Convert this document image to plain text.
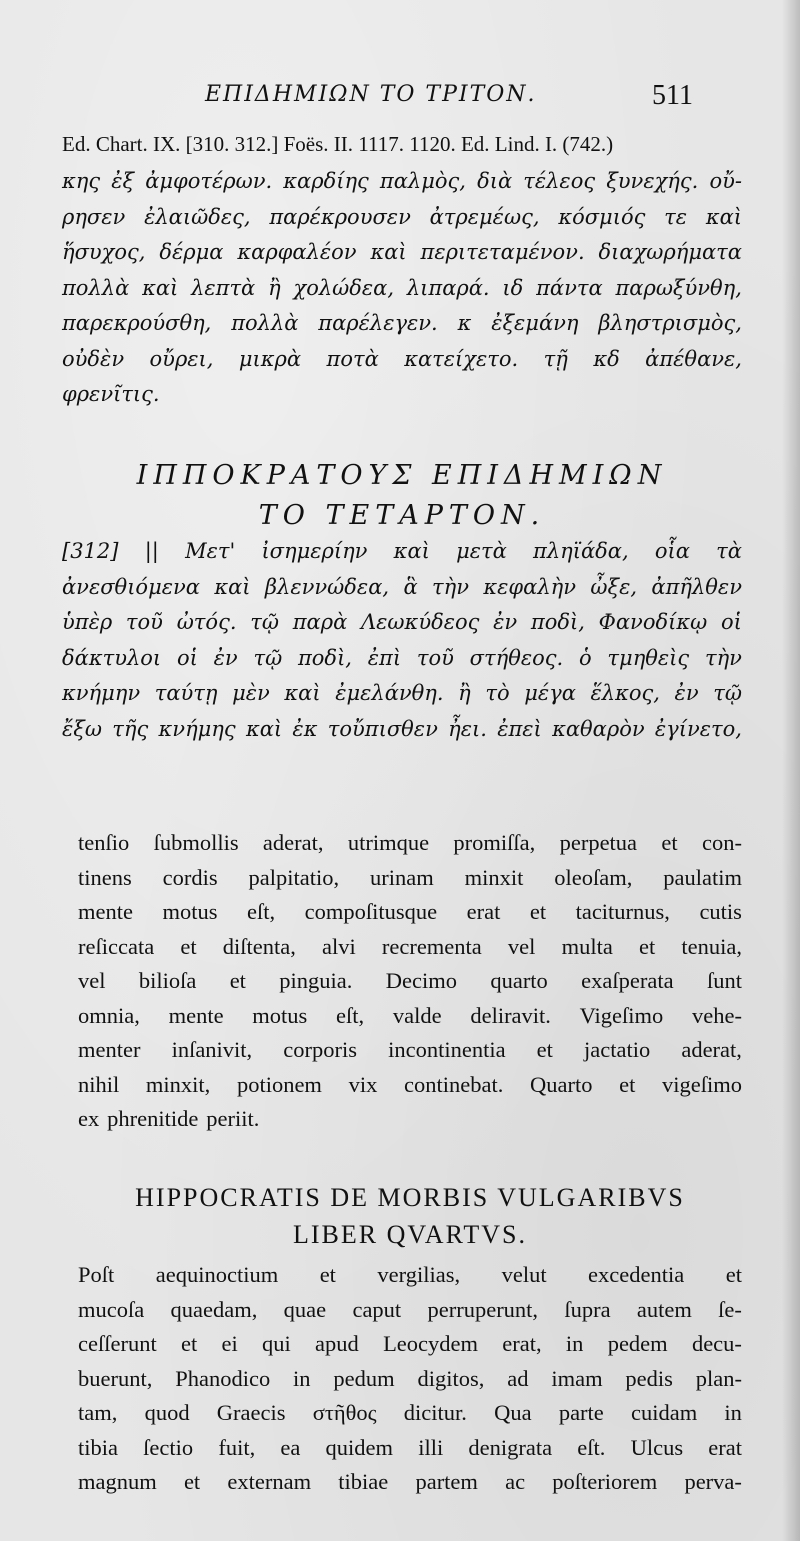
ΕΠΙΔΗΜΙΩΝ ΤΟ ΤΡΙΤΟΝ.	511
Ed. Chart. IX. [310. 312.] Foës. II. 1117. 1120. Ed. Lind. I. (742.)
κης ἐξ ἀμφοτέρων. καρδίης παλμὸς, διὰ τέλεος ξυνεχής. οὔ-
ρησεν ἐλαιῶδες, παρέκρουσεν ἀτρεμέως, κόσμιός τε καὶ
ἥσυχος, δέρμα καρφαλέον καὶ περιτεταμένον. διαχωρήματα
πολλὰ καὶ λεπτὰ ἢ χολώδεα, λιπαρά. ιδ πάντα παρωξύνθη,
παρεκρούσθη, πολλὰ παρέλεγεν. κ ἐξεμάνη βληστρισμὸς,
οὐδὲν οὔρει, μικρὰ ποτὰ κατείχετο. τῇ κδ ἀπέθανε,
φρενῖτις.
ΙΠΠΟΚΡΑΤΟΥΣ ΕΠΙΔΗΜΙΩΝ
ΤΟ ΤΕΤΑΡΤΟΝ.
[312] || Μετ' ἰσημερίην καὶ μετὰ πληϊάδα, οἷα τὰ
ἀνεσθιόμενα καὶ βλεννώδεα, ἃ τὴν κεφαλὴν ὦξε, ἀπῆλθεν
ὑπὲρ τοῦ ὠτός. τῷ παρὰ Λεωκύδεος ἐν ποδὶ, Φανοδίκῳ οἱ
δάκτυλοι οἱ ἐν τῷ ποδὶ, ἐπὶ τοῦ στήθεος. ὁ τμηθεὶς τὴν
κνήμην ταύτῃ μὲν καὶ ἐμελάνθη. ἢ τὸ μέγα ἕλκος, ἐν τῷ
ἔξω τῆς κνήμης καὶ ἐκ τοὔπισθεν ἦει. ἐπεὶ καθαρὸν ἐγίνετο,
tenſio ſubmollis aderat, utrimque promiſſa, perpetua et con-
tinens cordis palpitatio, urinam minxit oleoſam, paulatim
mente motus eſt, compoſitusque erat et taciturnus, cutis
reſiccata et diſtenta, alvi recrementa vel multa et tenuia,
vel bilioſa et pinguia. Decimo quarto exaſperata ſunt
omnia, mente motus eſt, valde deliravit. Vigeſimo vehe-
menter inſanivit, corporis incontinentia et jactatio aderat,
nihil minxit, potionem vix continebat. Quarto et vigeſimo
ex phrenitide periit.
HIPPOCRATIS DE MORBIS VULGARIBVS
LIBER QVARTVS.
Poſt aequinoctium et vergilias, velut excedentia et
mucoſa quaedam, quae caput perruperunt, ſupra autem ſe-
ceſſerunt et ei qui apud Leocydem erat, in pedem decu-
buerunt, Phanodico in pedum digitos, ad imam pedis plan-
tam, quod Graecis στῆθος dicitur. Qua parte cuidam in
tibia ſectio fuit, ea quidem illi denigrata eſt. Ulcus erat
magnum et externam tibiae partem ac poſteriorem perva-
